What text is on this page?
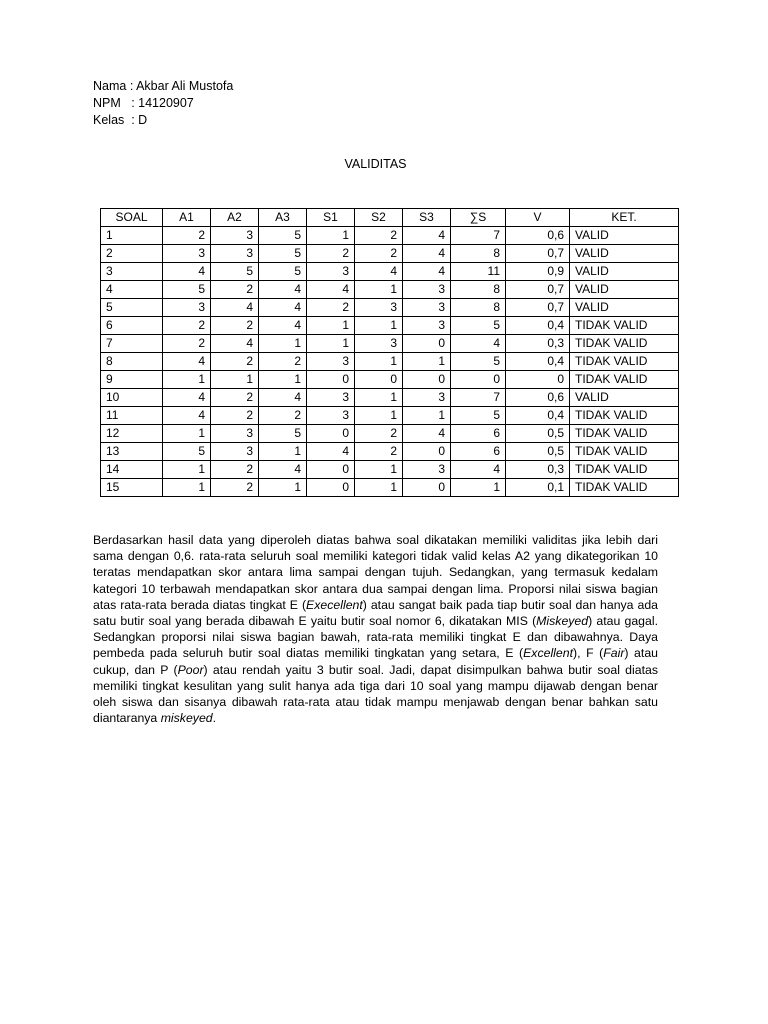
Nama : Akbar Ali Mustofa
NPM   : 14120907
Kelas  : D
VALIDITAS
SOAL	A1	A2	A3	S1	S2	S3	∑S	V	KET.
1	2	3	5	1	2	4	7	0,6	VALID
2	3	3	5	2	2	4	8	0,7	VALID
3	4	5	5	3	4	4	11	0,9	VALID
4	5	2	4	4	1	3	8	0,7	VALID
5	3	4	4	2	3	3	8	0,7	VALID
6	2	2	4	1	1	3	5	0,4	TIDAK VALID
7	2	4	1	1	3	0	4	0,3	TIDAK VALID
8	4	2	2	3	1	1	5	0,4	TIDAK VALID
9	1	1	1	0	0	0	0	0	TIDAK VALID
10	4	2	4	3	1	3	7	0,6	VALID
11	4	2	2	3	1	1	5	0,4	TIDAK VALID
12	1	3	5	0	2	4	6	0,5	TIDAK VALID
13	5	3	1	4	2	0	6	0,5	TIDAK VALID
14	1	2	4	0	1	3	4	0,3	TIDAK VALID
15	1	2	1	0	1	0	1	0,1	TIDAK VALID
Berdasarkan hasil data yang diperoleh diatas bahwa soal dikatakan memiliki validitas jika lebih dari sama dengan 0,6. rata-rata seluruh soal memiliki kategori tidak valid kelas A2 yang dikategorikan 10 teratas mendapatkan skor antara lima sampai dengan tujuh. Sedangkan, yang termasuk kedalam kategori 10 terbawah mendapatkan skor antara dua sampai dengan lima. Proporsi nilai siswa bagian atas rata-rata berada diatas tingkat E (Execellent) atau sangat baik pada tiap butir soal dan hanya ada satu butir soal yang berada dibawah E yaitu butir soal nomor 6, dikatakan MIS (Miskeyed) atau gagal. Sedangkan proporsi nilai siswa bagian bawah, rata-rata memiliki tingkat E dan dibawahnya. Daya pembeda pada seluruh butir soal diatas memiliki tingkatan yang setara, E (Excellent), F (Fair) atau cukup, dan P (Poor) atau rendah yaitu 3 butir soal. Jadi, dapat disimpulkan bahwa butir soal diatas memiliki tingkat kesulitan yang sulit hanya ada tiga dari 10 soal yang mampu dijawab dengan benar oleh siswa dan sisanya dibawah rata-rata atau tidak mampu menjawab dengan benar bahkan satu diantaranya miskeyed.
